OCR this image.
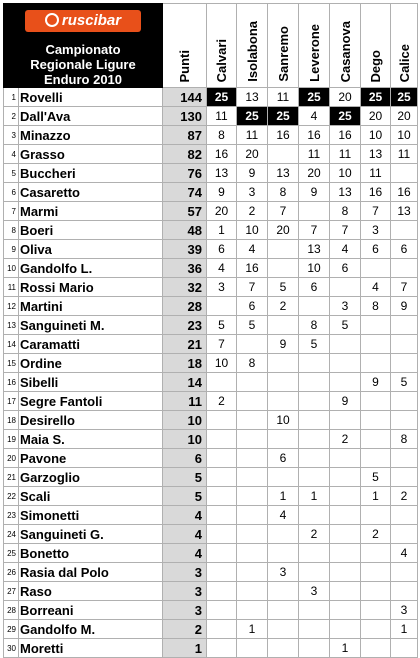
ruscibar
Campionato
Regionale Ligure
Enduro 2010		Punti	Calvari	Isolabona	Sanremo	Leverone	Casanova	Dego	Calice
1	Rovelli	144	25	13	11	25	20	25	25
2	Dall'Ava	130	11	25	25	4	25	20	20
3	Minazzo	87	8	11	16	16	16	10	10
4	Grasso	82	16	20		11	11	13	11
5	Buccheri	76	13	9	13	20	10	11	
6	Casaretto	74	9	3	8	9	13	16	16
7	Marmi	57	20	2	7		8	7	13
8	Boeri	48	1	10	20	7	7	3	
9	Oliva	39	6	4		13	4	6	6
10	Gandolfo L.	36	4	16		10	6		
11	Rossi Mario	32	3	7	5	6		4	7
12	Martini	28		6	2		3	8	9
13	Sanguineti M.	23	5	5		8	5		
14	Caramatti	21	7		9	5			
15	Ordine	18	10	8					
16	Sibelli	14						9	5
17	Segre Fantoli	11	2				9		
18	Desirello	10			10				
19	Maia S.	10					2		8
20	Pavone	6			6				
21	Garzoglio	5						5	
22	Scali	5			1	1		1	2
23	Simonetti	4			4				
24	Sanguineti G.	4				2		2	
25	Bonetto	4							4
26	Rasia dal Polo	3			3				
27	Raso	3				3			
28	Borreani	3							3
29	Gandolfo M.	2		1					1
30	Moretti	1					1		
